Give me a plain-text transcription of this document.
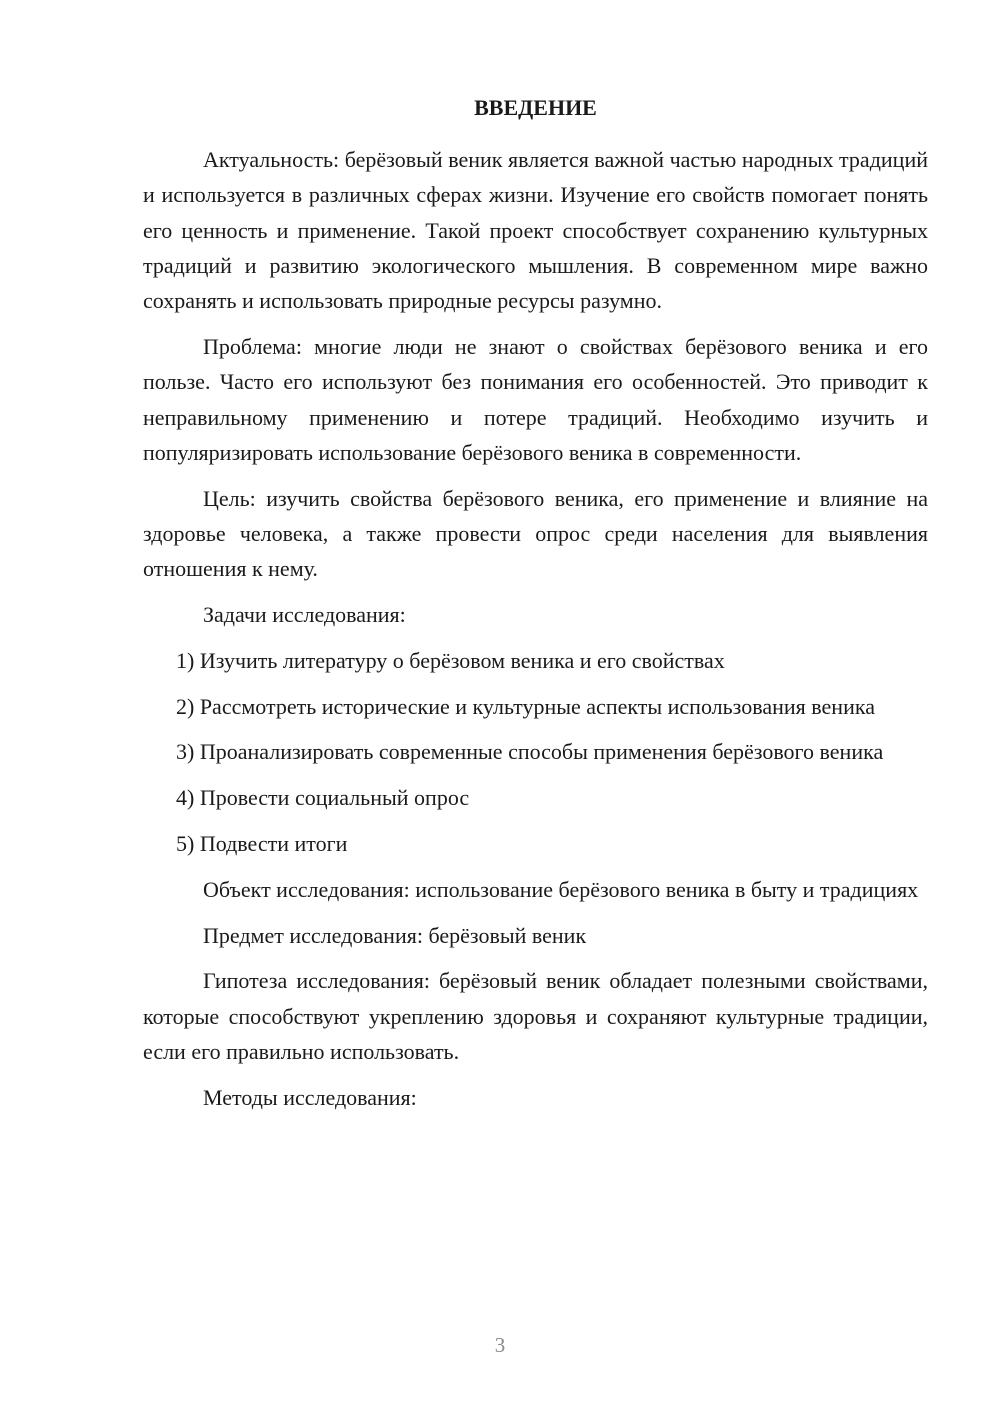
ВВЕДЕНИЕ

Актуальность: берёзовый веник является важной частью народных традиций и используется в различных сферах жизни. Изучение его свойств помогает понять его ценность и применение. Такой проект способствует сохранению культурных традиций и развитию экологического мышления. В современном мире важно сохранять и использовать природные ресурсы разумно.

Проблема: многие люди не знают о свойствах берёзового веника и его пользе. Часто его используют без понимания его особенностей. Это приводит к неправильному применению и потере традиций. Необходимо изучить и популяризировать использование берёзового веника в современности.

Цель: изучить свойства берёзового веника, его применение и влияние на здоровье человека, а также провести опрос среди населения для выявления отношения к нему.

Задачи исследования:

1) Изучить литературу о берёзовом веника и его свойствах

2) Рассмотреть исторические и культурные аспекты использования веника

3) Проанализировать современные способы применения берёзового веника

4) Провести социальный опрос

5) Подвести итоги

Объект исследования: использование берёзового веника в быту и традициях

Предмет исследования: берёзовый веник

Гипотеза исследования: берёзовый веник обладает полезными свойствами, которые способствуют укреплению здоровья и сохраняют культурные традиции, если его правильно использовать.

Методы исследования:

3
